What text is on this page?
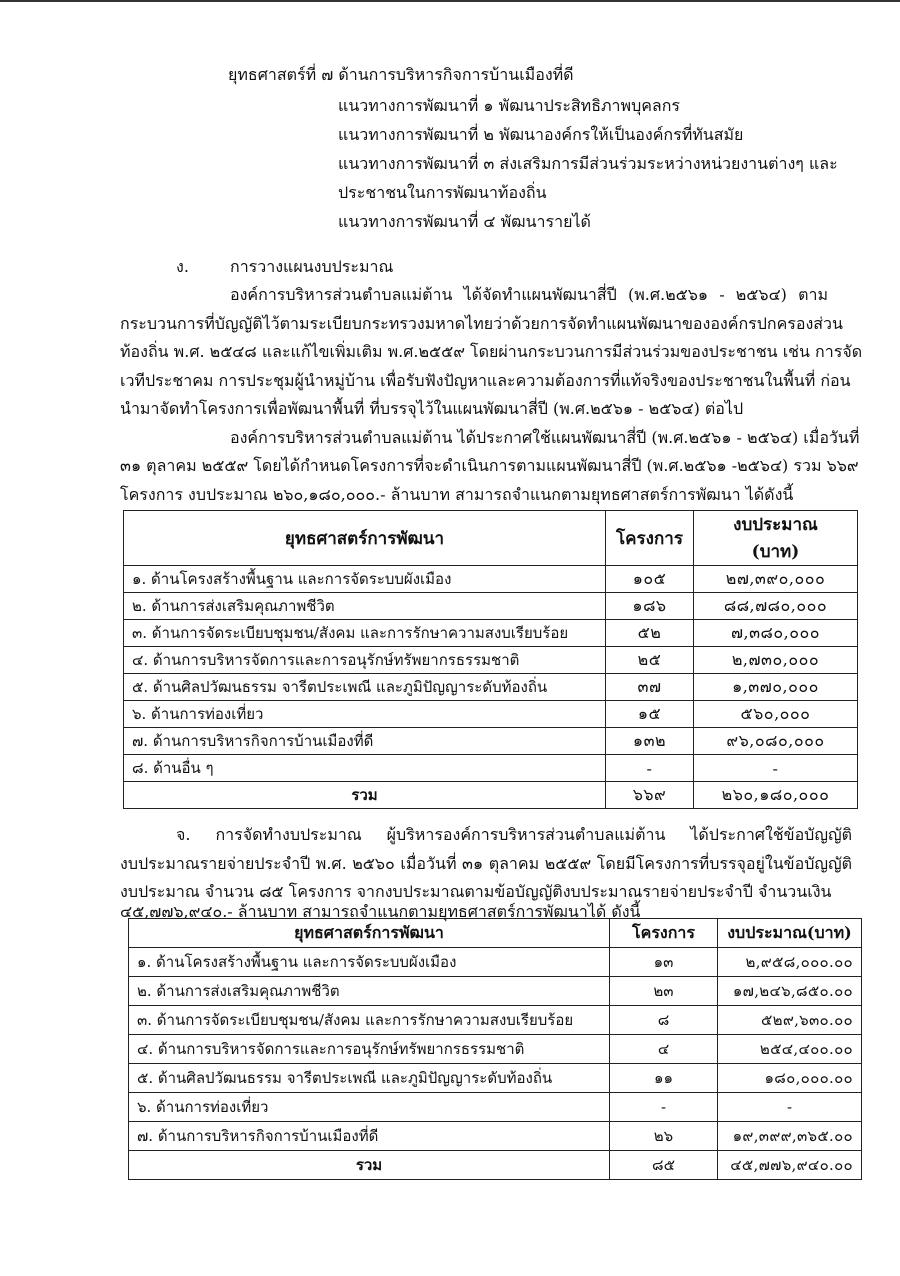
ยุทธศาสตร์ที่ ๗ ด้านการบริหารกิจการบ้านเมืองที่ดี
แนวทางการพัฒนาที่ ๑ พัฒนาประสิทธิภาพบุคลกร
แนวทางการพัฒนาที่ ๒ พัฒนาองค์กรให้เป็นองค์กรที่ทันสมัย
แนวทางการพัฒนาที่ ๓ ส่งเสริมการมีส่วนร่วมระหว่างหน่วยงานต่างๆ และ
ประชาชนในการพัฒนาท้องถิ่น
แนวทางการพัฒนาที่ ๔ พัฒนารายได้
ง.	การวางแผนงบประมาณ
องค์การบริหารส่วนตำบลแม่ต้าน ได้จัดทำแผนพัฒนาสี่ปี (พ.ศ.๒๕๖๑ - ๒๕๖๔) ตาม
กระบวนการที่บัญญัติไว้ตามระเบียบกระทรวงมหาดไทยว่าด้วยการจัดทำแผนพัฒนาขององค์กรปกครองส่วน
ท้องถิ่น พ.ศ. ๒๕๔๘ และแก้ไขเพิ่มเติม พ.ศ.๒๕๕๙ โดยผ่านกระบวนการมีส่วนร่วมของประชาชน เช่น การจัด
เวทีประชาคม การประชุมผู้นำหมู่บ้าน เพื่อรับฟังปัญหาและความต้องการที่แท้จริงของประชาชนในพื้นที่ ก่อน
นำมาจัดทำโครงการเพื่อพัฒนาพื้นที่ ที่บรรจุไว้ในแผนพัฒนาสี่ปี (พ.ศ.๒๕๖๑ - ๒๕๖๔) ต่อไป
องค์การบริหารส่วนตำบลแม่ต้าน ได้ประกาศใช้แผนพัฒนาสี่ปี (พ.ศ.๒๕๖๑ - ๒๕๖๔) เมื่อวันที่
๓๑ ตุลาคม ๒๕๕๙ โดยได้กำหนดโครงการที่จะดำเนินการตามแผนพัฒนาสี่ปี (พ.ศ.๒๕๖๑ -๒๕๖๔) รวม ๖๖๙
โครงการ งบประมาณ ๒๖๐,๑๘๐,๐๐๐.- ล้านบาท สามารถจำแนกตามยุทธศาสตร์การพัฒนา ได้ดังนี้
ยุทธศาสตร์การพัฒนา	โครงการ	งบประมาณ
(บาท)

๑. ด้านโครงสร้างพื้นฐาน และการจัดระบบผังเมือง	๑๐๕	๒๗,๓๙๐,๐๐๐
๒. ด้านการส่งเสริมคุณภาพชีวิต	๑๘๖	๘๘,๗๘๐,๐๐๐
๓. ด้านการจัดระเบียบชุมชน/สังคม และการรักษาความสงบเรียบร้อย	๕๒	๗,๓๘๐,๐๐๐
๔. ด้านการบริหารจัดการและการอนุรักษ์ทรัพยากรธรรมชาติ	๒๕	๒,๗๓๐,๐๐๐
๕. ด้านศิลปวัฒนธรรม จารีตประเพณี และภูมิปัญญาระดับท้องถิ่น	๓๗	๑,๓๗๐,๐๐๐
๖. ด้านการท่องเที่ยว	๑๕	๕๖๐,๐๐๐
๗. ด้านการบริหารกิจการบ้านเมืองที่ดี	๑๓๒	๙๖,๐๘๐,๐๐๐
๘. ด้านอื่น ๆ	-	-
รวม	๖๖๙	๒๖๐,๑๘๐,๐๐๐
จ. การจัดทำงบประมาณ ผู้บริหารองค์การบริหารส่วนตำบลแม่ต้าน ได้ประกาศใช้ข้อบัญญัติ
งบประมาณรายจ่ายประจำปี พ.ศ. ๒๕๖๐ เมื่อวันที่ ๓๑ ตุลาคม ๒๕๕๙ โดยมีโครงการที่บรรจุอยู่ในข้อบัญญัติ
งบประมาณ จำนวน ๘๕ โครงการ จากงบประมาณตามข้อบัญญัติงบประมาณรายจ่ายประจำปี จำนวนเงิน
๔๕,๗๗๖,๙๔๐.- ล้านบาท สามารถจำแนกตามยุทธศาสตร์การพัฒนาได้ ดังนี้
ยุทธศาสตร์การพัฒนา	โครงการ	งบประมาณ(บาท)
๑. ด้านโครงสร้างพื้นฐาน และการจัดระบบผังเมือง	๑๓	๒,๙๕๘,๐๐๐.๐๐
๒. ด้านการส่งเสริมคุณภาพชีวิต	๒๓	๑๗,๒๔๖,๘๕๐.๐๐
๓. ด้านการจัดระเบียบชุมชน/สังคม และการรักษาความสงบเรียบร้อย	๘	๕๒๙,๖๓๐.๐๐
๔. ด้านการบริหารจัดการและการอนุรักษ์ทรัพยากรธรรมชาติ	๔	๒๕๔,๔๐๐.๐๐
๕. ด้านศิลปวัฒนธรรม จารีตประเพณี และภูมิปัญญาระดับท้องถิ่น	๑๑	๑๘๐,๐๐๐.๐๐
๖. ด้านการท่องเที่ยว	-	-
๗. ด้านการบริหารกิจการบ้านเมืองที่ดี	๒๖	๑๙,๓๙๙,๓๖๕.๐๐
รวม	๘๕	๔๕,๗๗๖,๙๔๐.๐๐
